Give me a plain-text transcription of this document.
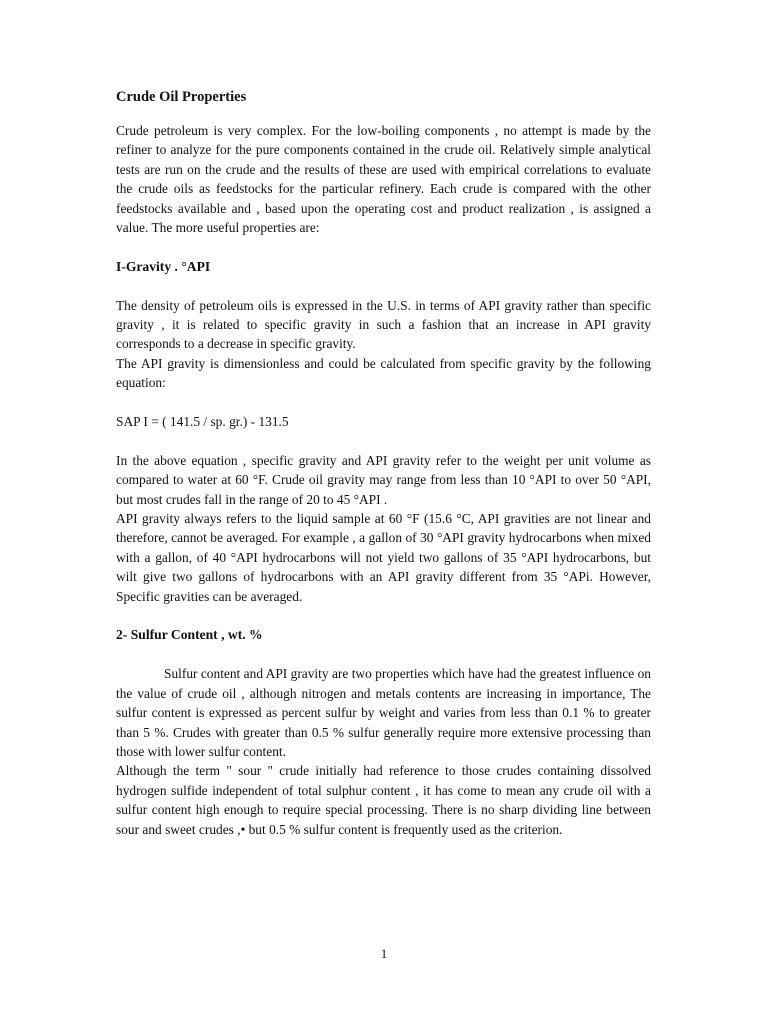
Crude Oil Properties

Crude petroleum is very complex. For the low-boiling components , no attempt is made by the refiner to analyze for the pure components contained in the crude oil. Relatively simple analytical tests are run on the crude and the results of these are used with empirical correlations to evaluate the crude oils as feedstocks for the particular refinery. Each crude is compared with the other feedstocks available and , based upon the operating cost and product realization , is assigned a value. The more useful properties are:

I-Gravity . °API

The density of petroleum oils is expressed in the U.S. in terms of API gravity rather than specific gravity , it is related to specific gravity in such a fashion that an increase in API gravity corresponds to a decrease in specific gravity.

The API gravity is dimensionless and could be calculated from specific gravity by the following equation:

SAP I = ( 141.5 / sp. gr.) - 131.5

In the above equation , specific gravity and API gravity refer to the weight per unit volume as compared to water at 60 °F. Crude oil gravity may range from less than 10 °API to over 50 °API, but most crudes fall in the range of 20 to 45 °API .

API gravity always refers to the liquid sample at 60 °F (15.6 °C, API gravities are not linear and therefore, cannot be averaged. For example , a gallon of 30 °API gravity hydrocarbons when mixed with a gallon, of 40 °API hydrocarbons will not yield two gallons of 35 °API hydrocarbons, but wilt give two gallons of hydrocarbons with an API gravity different from 35 °APi. However, Specific gravities can be averaged.

2- Sulfur Content , wt. %

Sulfur content and API gravity are two properties which have had the greatest influence on the value of crude oil , although nitrogen and metals contents are increasing in importance, The sulfur content is expressed as percent sulfur by weight and varies from less than 0.1 % to greater than 5 %. Crudes with greater than 0.5 % sulfur generally require more extensive processing than those with lower sulfur content.

Although the term " sour " crude initially had reference to those crudes containing dissolved hydrogen sulfide independent of total sulphur content , it has come to mean any crude oil with a sulfur content high enough to require special processing. There is no sharp dividing line between sour and sweet crudes ,• but 0.5 % sulfur content is frequently used as the criterion.

1
